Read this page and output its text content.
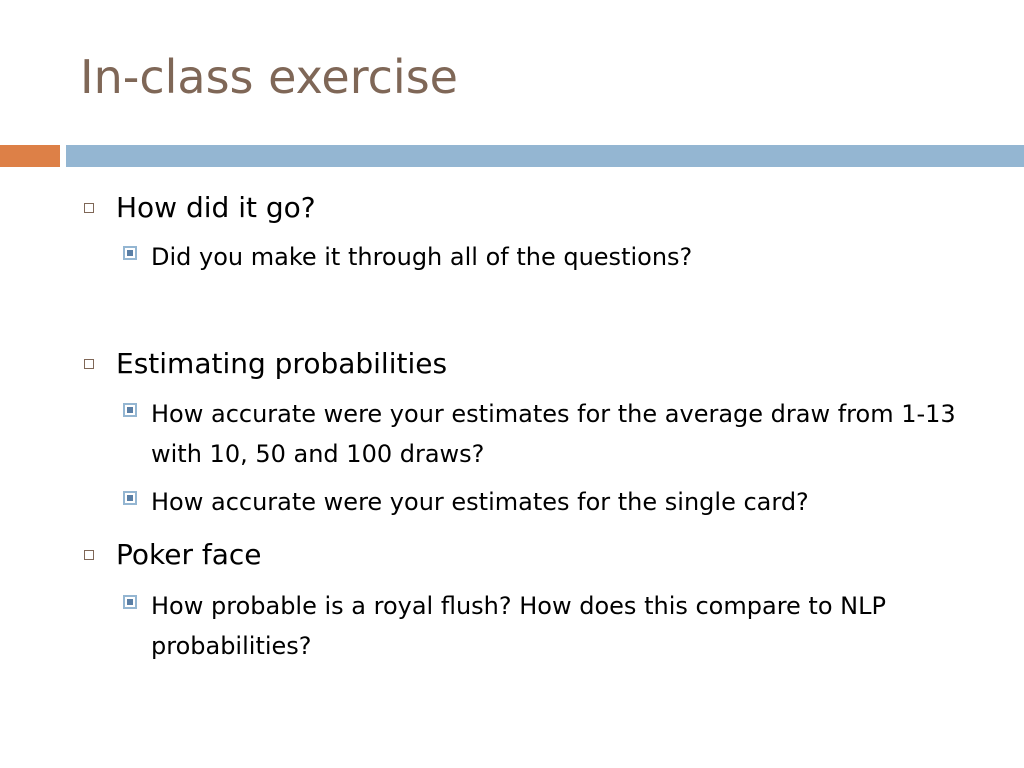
In-class exercise
How did it go?
Did you make it through all of the questions?
Estimating probabilities
How accurate were your estimates for the average draw from 1-13 with 10, 50 and 100 draws?
How accurate were your estimates for the single card?
Poker face
How probable is a royal flush? How does this compare to NLP probabilities?
